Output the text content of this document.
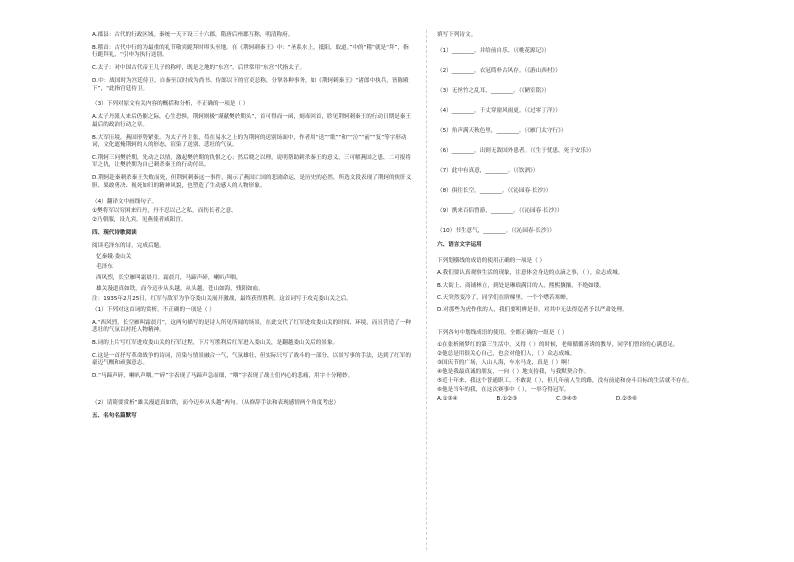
A.郡县：古代的行政区域。秦统一天下设三十六郡，隋唐后州郡互称，明清称府。

B.稽首：古代中行的为最重的礼节敬宾跪拜时叩头至地。在《荆轲刺秦王》中：“圣系水上，抵阳，取道。”中的“稽”就是“拜”，指行跪拜礼，“引申为执行送别。

C.太子：对中国古代帝王儿子的称呼，既是之地的“东宫”，后世常用“东宫”代指太子。

D.中：战国时为宫廷侍卫。自秦至汉时成为尚书、侍郎以下的官吏总称，分掌各种事务。如《荆轲刺秦王》“诸郎中执兵，皆陈殿下”，“此指宫廷侍卫。

（3）下列对原文有关内容的概括和分析，不正确的一项是（ ）

A.太子丹派人来后仍催之际，心生恐惧，荆轲则极“谨献樊於期头”，首可得而一函，刻毒回首，聆见荆轲刺秦王的行动日期是秦王最后的政治行动之章。

B.大军压境，燕国形势紧张。为太子丹主张，苟在易水之上的为荆轲的送别场面中，作者用“送”“歌”“和”“泣”“前”“复”等字形动词，文化遮掩荆轲的人的形态，渲染了送别、悲壮的气氛。

C.荆轲三问樊於期，先动之以情，激起樊於期的仇恨之心；然后晓之以理，说明帮助刺杀秦王的意义，三可解燕国之患，二可报将军之仇，让樊於期为自己刺杀秦王的行动付出。

D.荆轲赴秦刺杀秦王失败而死，但荆轲刺秦这一事件，揭示了燕国亡国的悲剧命运，是历史的必然。所选文段表现了荆轲的侠肝义胆、果敢勇决、视死如归的精神风貌，也塑造了生动感人的人物形象。

（4）翻译文中画线句子。

①樊将军以穷困来归丹，丹不忍以己之私，而伤长者之意。

②乃朝服，设九宾，见燕使者咸阳宫。

四、现代诗歌阅读

阅读毛泽东的诗，完成后题。

忆秦娥·娄山关

毛泽东

西风烈，长空雁叫霜晨月。霜晨月，马蹄声碎，喇叭声咽。

雄关漫道真如铁，而今迈步从头越。从头越，苍山如海，残阳如血。

注：1935年2月25日，红军与敌军为争夺娄山关展开激战，最终获得胜利。这首词写于攻克娄山关之后。

（1）下列对这首词的赏析，不正确的一项是（ ）

A.“西风烈，长空雁叫霜晨月”，这两句描写的是诗人所见所闻的场景，在此交代了红军进攻娄山关的时间、环境，而且营造了一种悲壮的气氛以衬托人物精神。

B.词的上片写红军进攻娄山关的行军过程，下片写胜利后红军进入娄山关，是翻越娄山关后的景象。

C.这是一首抒写革命战争的诗词，渲染与情景融合一气，气氛雄壮，但实际只写了战斗的一部分，以景写事的手法，达到了红军的豪迈气概和顽强意志。

D.“马蹄声碎，喇叭声咽。”“碎”字表现了马蹄声急而细，“咽”字表现了战士们内心的悲痛，用字十分精妙。

（2）请简要赏析“雄关漫道真如铁，而今迈步从头越”两句。（从修辞手法和表现感情两个角度考虑）

五、名句名篇默写

填写下列诗文。

（1）________，并给前自乐。（《桃花源记》）

（2）________，衣冠简朴古风存。（《游山西村》）

（3）无丝竹之乱耳，________。（《陋室铭》）

（4）________，千丈穿窗风雨更。（《过零丁洋》）

（5）角声满天秋色里，________。（《雁门太守行》）

（6）________，出则无敌国外患者。（《生于忧患，死于安乐》）

（7）此中有真意，________。（《饮酒》）

（8）俱往长空，________。（《沁园春·长沙》）

（9）携来百侣曾游，________。（《沁园春·长沙》）

（10）书生意气，________。（《沁园春·长沙》）

六、语言文字运用

下列划横线的成语的使用正确的一项是（ ）

A.我们要认真观察生活的现象，注意体会身边的点滴之事，（ ）。众志成城。

B.大街上，商铺林立，到处是琳琅满目的人，熙熙攘攘，不绝如缕。

C.天突然变冷了，同学们在阶梯里，一个个噤若寒蝉。

D.对那些为虎作伥的人，我们要明辨是非，对其中无法得逞者予以严肃处理。

下列各句中划线成语的使用，全都正确的一组是（ ）

①在张析阐梦红的第三生活中，又得（ ）的时候，老师循循善诱的教导，同学们曾经的心满意足。

②他总是用很关心自己，也会对他们人，（ ）众志成城。

③国庆节的广场，人山人海，车水马龙，真是（ ）啊！

④他是我最真诚的朋友，一向（ ）地支持我，与我默契合作。

⑤近十年来，我这个普通职工，不敢说（ ），但几年前人生的路，没有前途和奋斗目标的生活就不存在。

⑥他是当年的我，在这次赛事中（ ），一举夺得冠军。

A.①③④	B.①②③	C.③④⑤	D.②⑤⑥
